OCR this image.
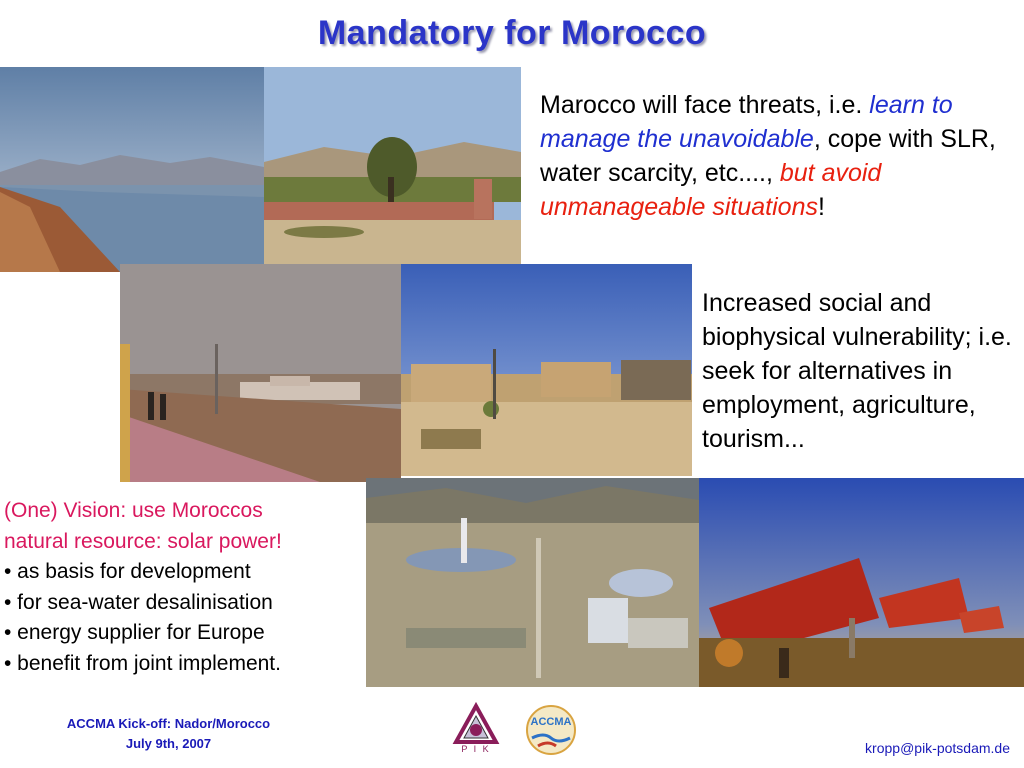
Mandatory for Morocco
Marocco will face threats, i.e. learn to manage the unavoidable, cope with SLR, water scarcity, etc...., but avoid unmanageable situations!
Increased social and biophysical vulnerability; i.e. seek for alternatives in employment, agriculture, tourism...
(One) Vision: use Moroccos
natural resource: solar power!
• as basis for development
• for sea-water desalinisation
• energy supplier for Europe
• benefit from joint implement.
ACCMA Kick-off: Nador/Morocco
July 9th, 2007	P I K
ACCMA
kropp@pik-potsdam.de
